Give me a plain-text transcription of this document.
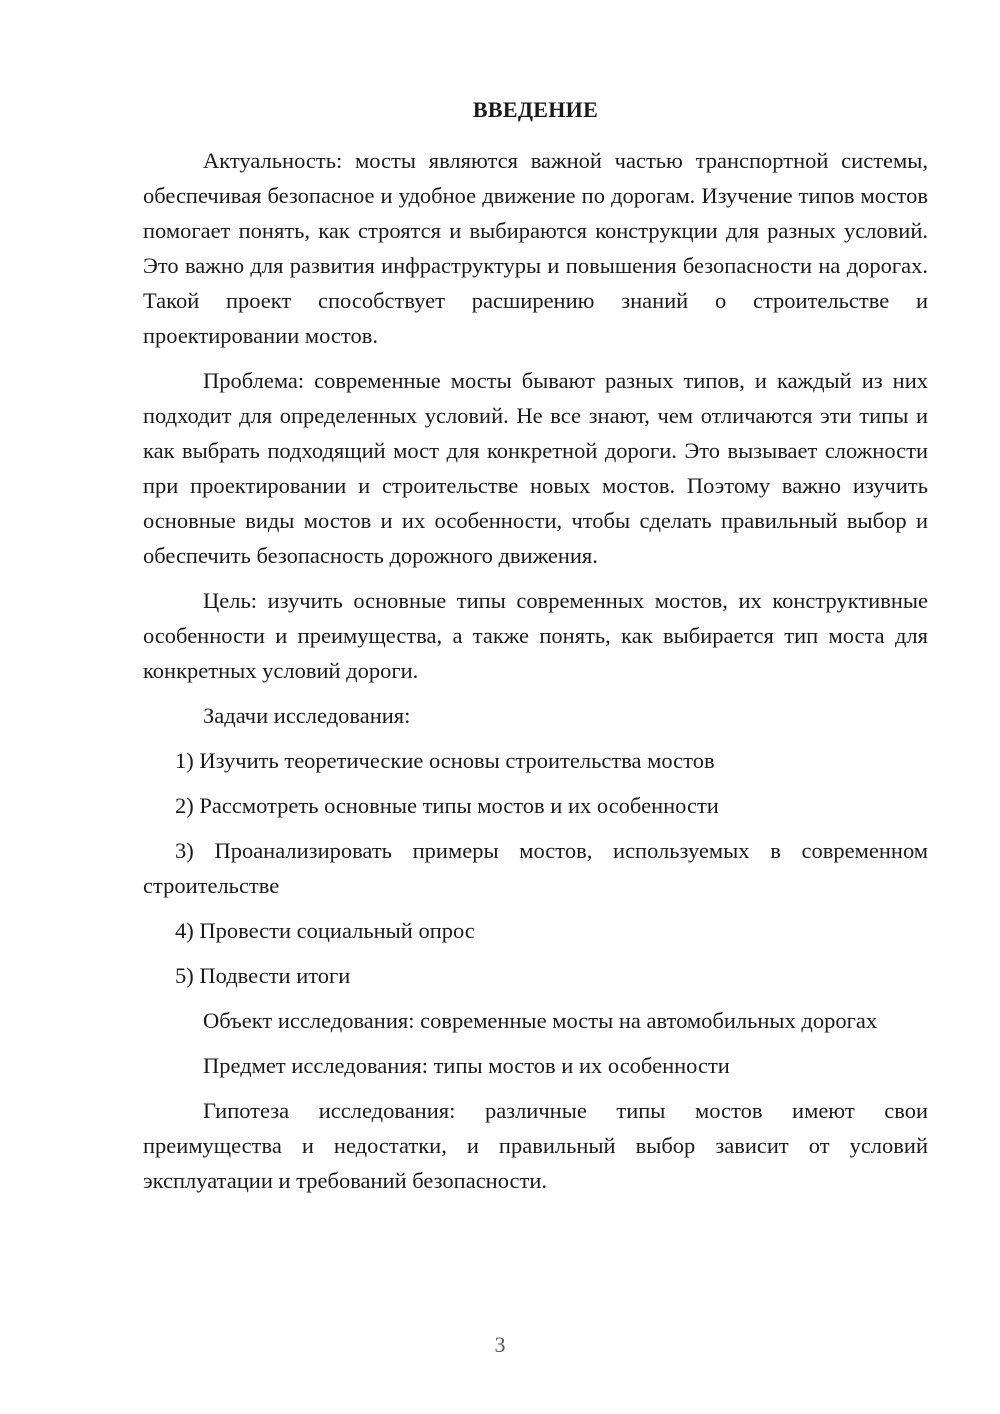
ВВЕДЕНИЕ

Актуальность: мосты являются важной частью транспортной системы, обеспечивая безопасное и удобное движение по дорогам. Изучение типов мостов помогает понять, как строятся и выбираются конструкции для разных условий. Это важно для развития инфраструктуры и повышения безопасности на дорогах. Такой проект способствует расширению знаний о строительстве и проектировании мостов.

Проблема: современные мосты бывают разных типов, и каждый из них подходит для определенных условий. Не все знают, чем отличаются эти типы и как выбрать подходящий мост для конкретной дороги. Это вызывает сложности при проектировании и строительстве новых мостов. Поэтому важно изучить основные виды мостов и их особенности, чтобы сделать правильный выбор и обеспечить безопасность дорожного движения.

Цель: изучить основные типы современных мостов, их конструктивные особенности и преимущества, а также понять, как выбирается тип моста для конкретных условий дороги.

Задачи исследования:

1) Изучить теоретические основы строительства мостов

2) Рассмотреть основные типы мостов и их особенности

3) Проанализировать примеры мостов, используемых в современном строительстве

4) Провести социальный опрос

5) Подвести итоги

Объект исследования: современные мосты на автомобильных дорогах

Предмет исследования: типы мостов и их особенности

Гипотеза исследования: различные типы мостов имеют свои преимущества и недостатки, и правильный выбор зависит от условий эксплуатации и требований безопасности.

3
